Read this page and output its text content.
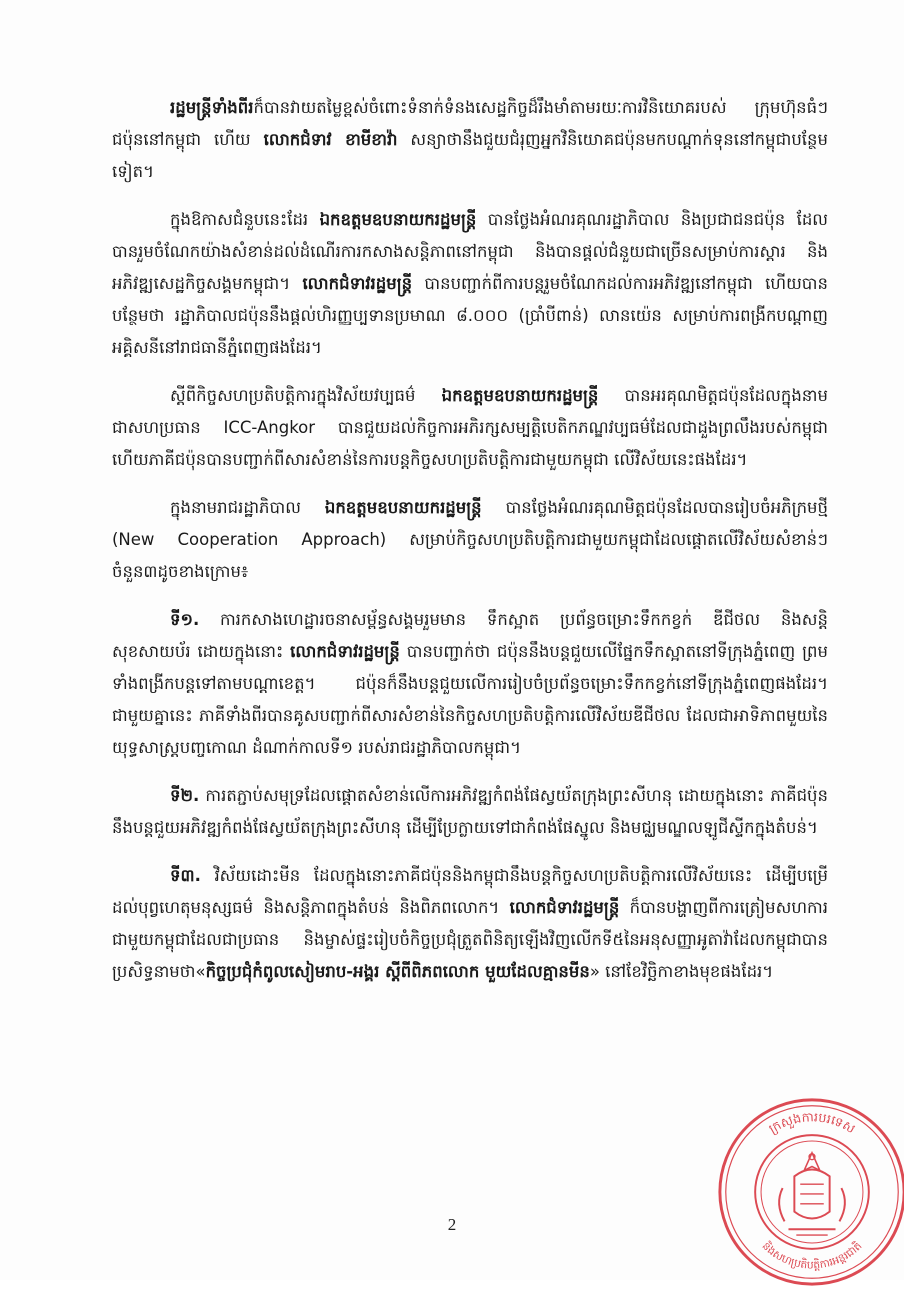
រដ្ឋមន្ត្រីទាំងពីរក៏បានវាយតម្លៃខ្ពស់ចំពោះទំនាក់ទំនងសេដ្ឋកិច្ចដ៏រឹងមាំតាមរយៈការវិនិយោគរបស់ ក្រុមហ៊ុនធំៗជប៉ុននៅកម្ពុជា ហើយ លោកជំទាវ ខាមីខាវ៉ា សន្យាថានឹងជួយជំរុញអ្នកវិនិយោគជប៉ុនមកបណ្តាក់ទុននៅកម្ពុជាបន្ថែមទៀត។

ក្នុងឱកាសជំនួបនេះដែរ ឯកឧត្តមឧបនាយករដ្ឋមន្ត្រី បានថ្លែងអំណរគុណរដ្ឋាភិបាល និងប្រជាជនជប៉ុន ដែលបានរួមចំណែកយ៉ាងសំខាន់ដល់ដំណើរការកសាងសន្តិភាពនៅកម្ពុជា និងបានផ្តល់ជំនួយជាច្រើនសម្រាប់ការស្តារ និងអភិវឌ្ឍសេដ្ឋកិច្ចសង្គមកម្ពុជា។ លោកជំទាវរដ្ឋមន្ត្រី បានបញ្ជាក់ពីការបន្តរួមចំណែកដល់ការអភិវឌ្ឍនៅកម្ពុជា ហើយបានបន្ថែមថា រដ្ឋាភិបាលជប៉ុននឹងផ្តល់ហិរញ្ញប្បទានប្រមាណ ៨.០០០ (ប្រាំបីពាន់) លានយ៉េន សម្រាប់ការពង្រីកបណ្តាញអគ្គិសនីនៅរាជធានីភ្នំពេញផងដែរ។

ស្តីពីកិច្ចសហប្រតិបត្តិការក្នុងវិស័យវប្បធម៌ ឯកឧត្តមឧបនាយករដ្ឋមន្ត្រី បានអរគុណមិត្តជប៉ុនដែលក្នុងនាមជាសហប្រធាន ICC-Angkor បានជួយដល់កិច្ចការអភិរក្សសម្បត្តិបេតិកភណ្ឌវប្បធម៌ដែលជាដួងព្រលឹងរបស់កម្ពុជា ហើយភាគីជប៉ុនបានបញ្ជាក់ពីសារសំខាន់នៃការបន្តកិច្ចសហប្រតិបត្តិការជាមួយកម្ពុជា លើវិស័យនេះផងដែរ។

ក្នុងនាមរាជរដ្ឋាភិបាល ឯកឧត្តមឧបនាយករដ្ឋមន្ត្រី បានថ្លែងអំណរគុណមិត្តជប៉ុនដែលបានរៀបចំអភិក្រមថ្មី (New Cooperation Approach) សម្រាប់កិច្ចសហប្រតិបត្តិការជាមួយកម្ពុជាដែលផ្តោតលើវិស័យសំខាន់ៗចំនួន៣ដូចខាងក្រោម៖

ទី១. ការកសាងហេដ្ឋារចនាសម្ព័ន្ធសង្គមរួមមាន ទឹកស្អាត ប្រព័ន្ធចម្រោះទឹកកខ្វក់ ឌីជីថល និងសន្តិសុខសាយប័រ ដោយក្នុងនោះ លោកជំទាវរដ្ឋមន្ត្រី បានបញ្ជាក់ថា ជប៉ុននឹងបន្តជួយលើផ្នែកទឹកស្អាតនៅទីក្រុងភ្នំពេញ ព្រមទាំងពង្រីកបន្តទៅតាមបណ្តាខេត្ត។ ជប៉ុនក៏នឹងបន្តជួយលើការរៀបចំប្រព័ន្ធចម្រោះទឹកកខ្វក់នៅទីក្រុងភ្នំពេញផងដែរ។ ជាមួយគ្នានេះ ភាគីទាំងពីរបានគូសបញ្ជាក់ពីសារសំខាន់នៃកិច្ចសហប្រតិបត្តិការលើវិស័យឌីជីថល ដែលជាអាទិភាពមួយនៃយុទ្ធសាស្ត្របញ្ចកោណ ដំណាក់កាលទី១ របស់រាជរដ្ឋាភិបាលកម្ពុជា។

ទី២. ការតភ្ជាប់សមុទ្រដែលផ្តោតសំខាន់លើការអភិវឌ្ឍកំពង់ផែស្វយ័តក្រុងព្រះសីហនុ ដោយក្នុងនោះ ភាគីជប៉ុននឹងបន្តជួយអភិវឌ្ឍកំពង់ផែស្វយ័តក្រុងព្រះសីហនុ ដើម្បីប្រែក្លាយទៅជាកំពង់ផែស្នូល និងមជ្ឈមណ្ឌលឡូជីស្ទីកក្នុងតំបន់។

ទី៣. វិស័យដោះមីន ដែលក្នុងនោះភាគីជប៉ុននិងកម្ពុជានឹងបន្តកិច្ចសហប្រតិបត្តិការលើវិស័យនេះ ដើម្បីបម្រើដល់បុព្វហេតុមនុស្សធម៌ និងសន្តិភាពក្នុងតំបន់ និងពិភពលោក។ លោកជំទាវរដ្ឋមន្ត្រី ក៏បានបង្ហាញពីការត្រៀមសហការជាមួយកម្ពុជាដែលជាប្រធាន និងម្ចាស់ផ្ទះរៀបចំកិច្ចប្រជុំត្រួតពិនិត្យឡើងវិញលើកទី៥នៃអនុសញ្ញាអូតាវ៉ាដែលកម្ពុជាបានប្រសិទ្ធនាមថា«កិច្ចប្រជុំកំពូលសៀមរាប-អង្គរ ស្តីពីពិភពលោក មួយដែលគ្មានមីន» នៅខែវិច្ឆិកាខាងមុខផងដែរ។

2
ក្រសួងការបរទេស
និងសហប្រតិបត្តិការអន្តរជាតិ
